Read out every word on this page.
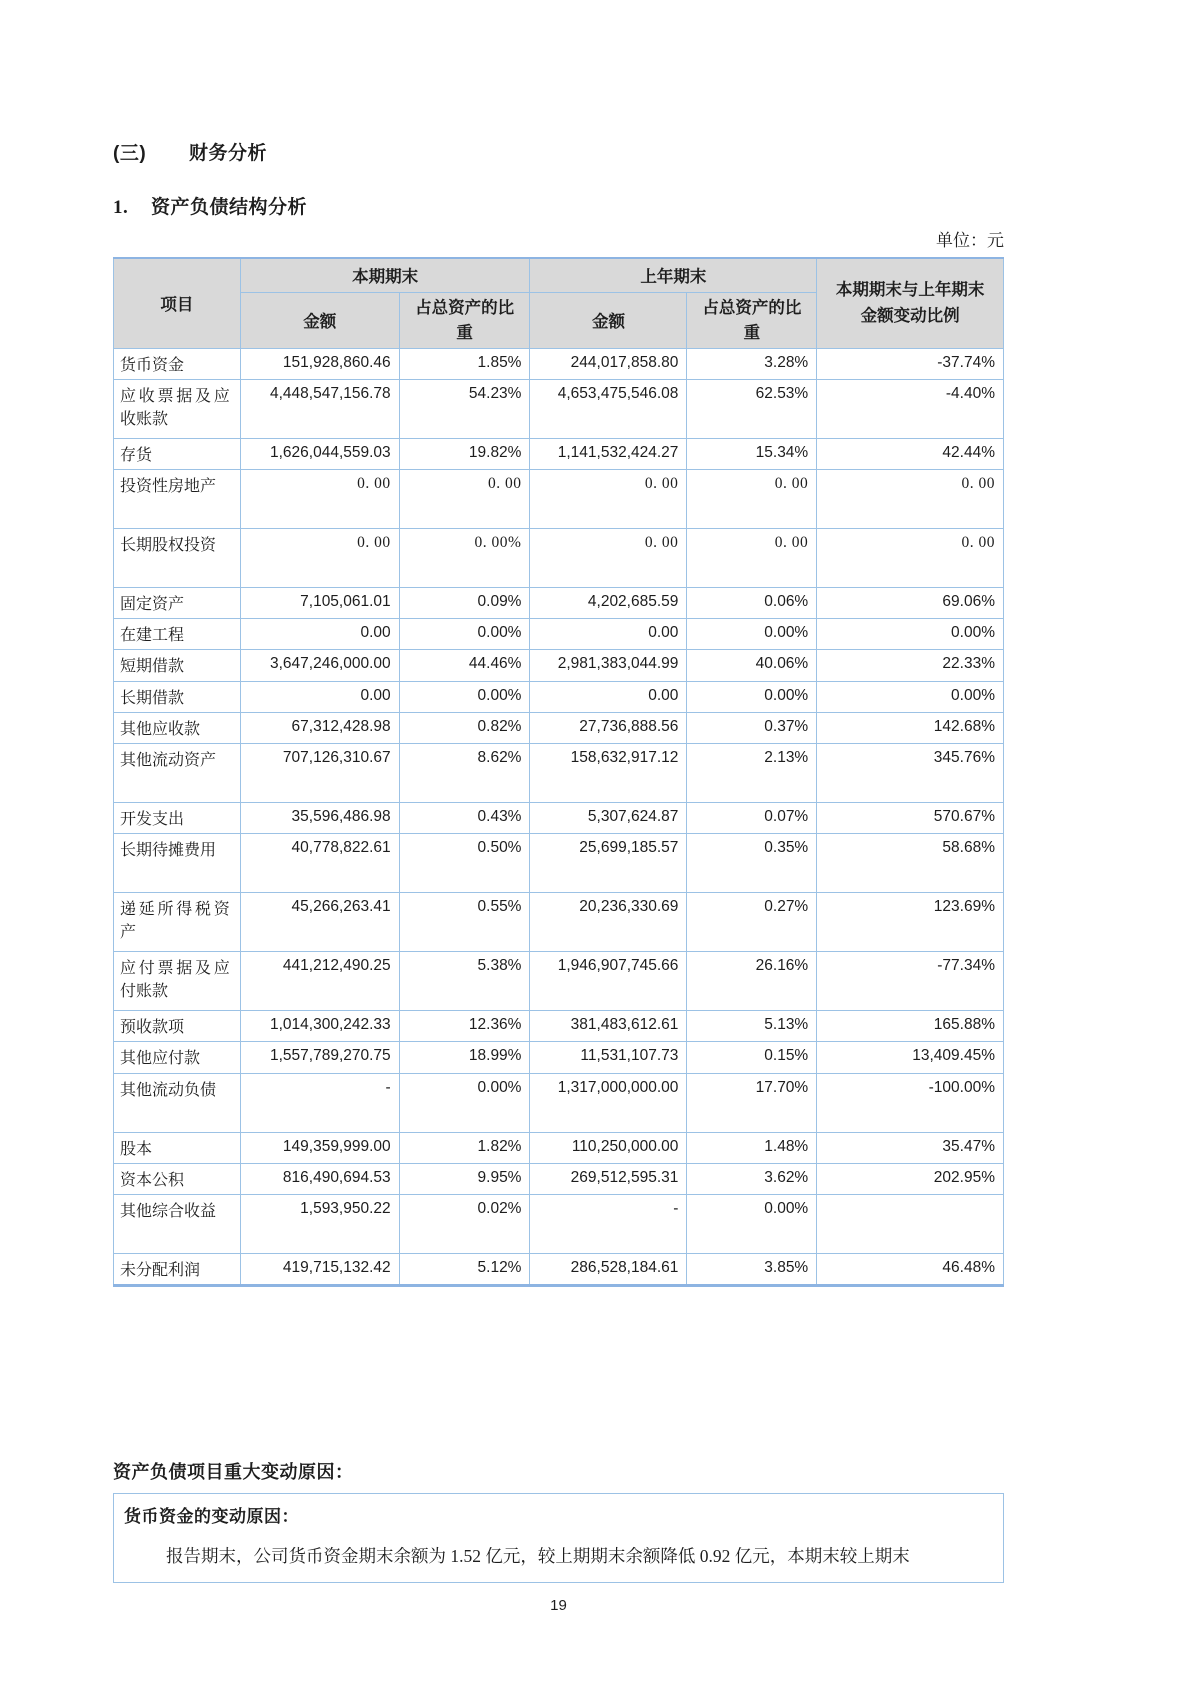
(三) 财务分析
1. 资产负债结构分析
单位：元
项目	本期期末		上年期末		本期期末与上年期末金额变动比例
	金额	占总资产的比重	金额	占总资产的比重	
货币资金	151,928,860.46	1.85%	244,017,858.80	3.28%	-37.74%
应收票据及应收账款	4,448,547,156.78	54.23%	4,653,475,546.08	62.53%	-4.40%
存货	1,626,044,559.03	19.82%	1,141,532,424.27	15.34%	42.44%
投资性房地产	0. 00	0. 00	0. 00	0. 00	0. 00
长期股权投资	0. 00	0. 00%	0. 00	0. 00	0. 00
固定资产	7,105,061.01	0.09%	4,202,685.59	0.06%	69.06%
在建工程	0.00	0.00%	0.00	0.00%	0.00%
短期借款	3,647,246,000.00	44.46%	2,981,383,044.99	40.06%	22.33%
长期借款	0.00	0.00%	0.00	0.00%	0.00%
其他应收款	67,312,428.98	0.82%	27,736,888.56	0.37%	142.68%
其他流动资产	707,126,310.67	8.62%	158,632,917.12	2.13%	345.76%
开发支出	35,596,486.98	0.43%	5,307,624.87	0.07%	570.67%
长期待摊费用	40,778,822.61	0.50%	25,699,185.57	0.35%	58.68%
递延所得税资产	45,266,263.41	0.55%	20,236,330.69	0.27%	123.69%
应付票据及应付账款	441,212,490.25	5.38%	1,946,907,745.66	26.16%	-77.34%
预收款项	1,014,300,242.33	12.36%	381,483,612.61	5.13%	165.88%
其他应付款	1,557,789,270.75	18.99%	11,531,107.73	0.15%	13,409.45%
其他流动负债	-	0.00%	1,317,000,000.00	17.70%	-100.00%
股本	149,359,999.00	1.82%	110,250,000.00	1.48%	35.47%
资本公积	816,490,694.53	9.95%	269,512,595.31	3.62%	202.95%
其他综合收益	1,593,950.22	0.02%	-	0.00%	
未分配利润	419,715,132.42	5.12%	286,528,184.61	3.85%	46.48%
资产负债项目重大变动原因：
货币资金的变动原因：

报告期末，公司货币资金期末余额为 1.52 亿元，较上期期末余额降低 0.92 亿元，本期末较上期末

19
